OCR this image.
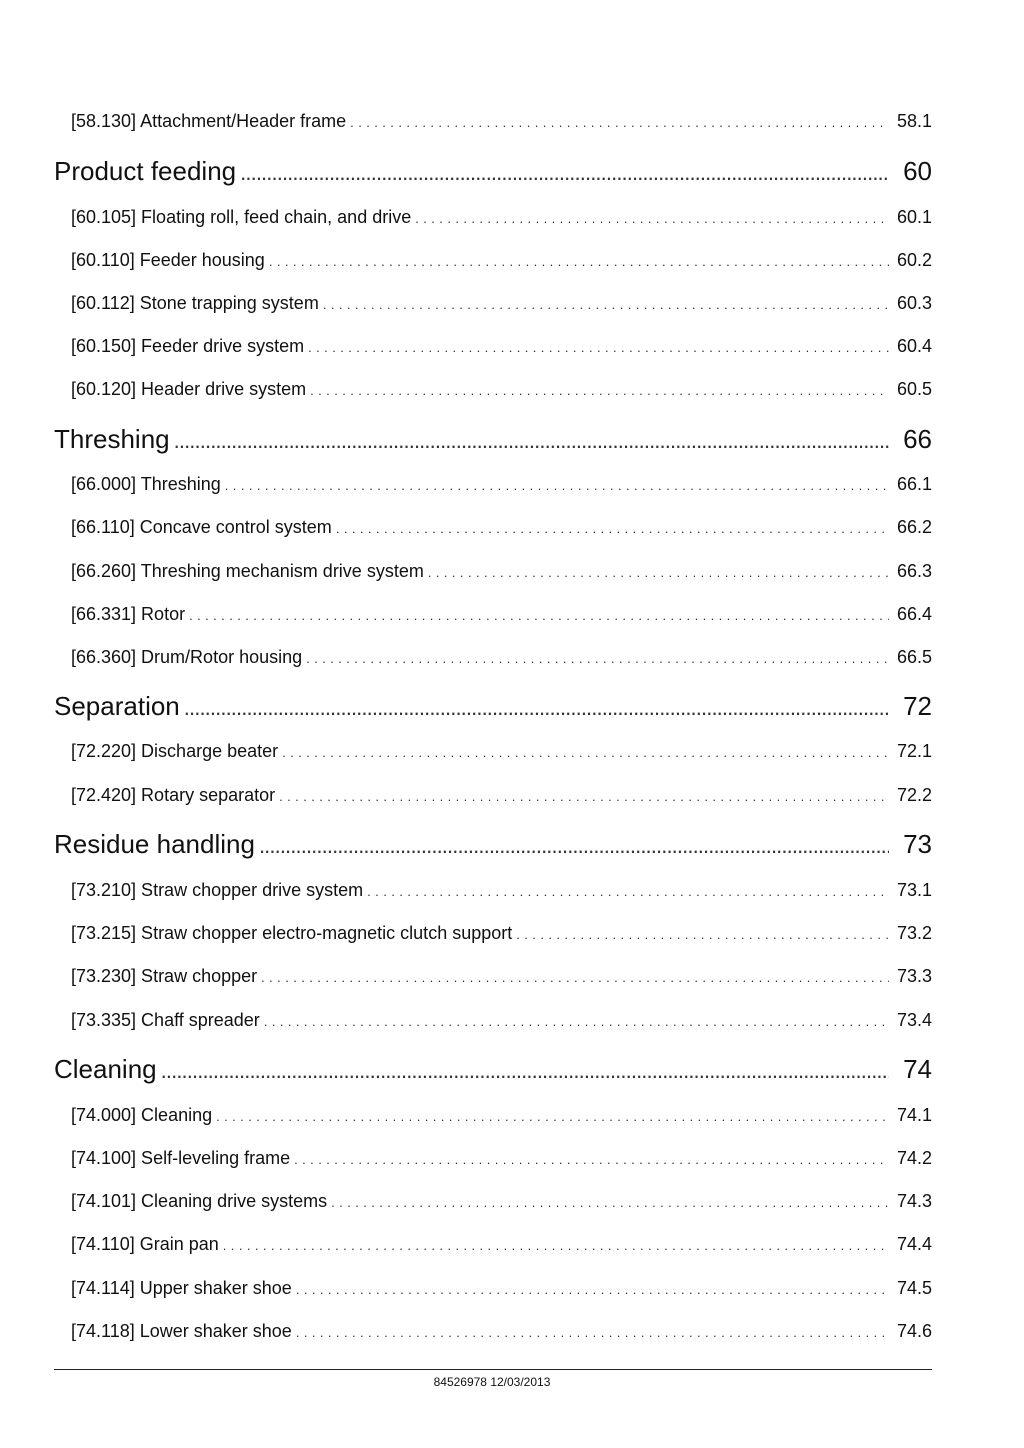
[58.130] Attachment/Header frame . . .	58.1
Product feeding . . .	60
[60.105] Floating roll, feed chain, and drive . . .	60.1
[60.110] Feeder housing . . .	60.2
[60.112] Stone trapping system . . .	60.3
[60.150] Feeder drive system . . .	60.4
[60.120] Header drive system . . .	60.5
Threshing . . .	66
[66.000] Threshing . . .	66.1
[66.110] Concave control system . . .	66.2
[66.260] Threshing mechanism drive system . . .	66.3
[66.331] Rotor . . .	66.4
[66.360] Drum/Rotor housing . . .	66.5
Separation . . .	72
[72.220] Discharge beater . . .	72.1
[72.420] Rotary separator . . .	72.2
Residue handling . . .	73
[73.210] Straw chopper drive system . . .	73.1
[73.215] Straw chopper electro-magnetic clutch support . . .	73.2
[73.230] Straw chopper . . .	73.3
[73.335] Chaff spreader . . .	73.4
Cleaning . . .	74
[74.000] Cleaning . . .	74.1
[74.100] Self-leveling frame . . .	74.2
[74.101] Cleaning drive systems . . .	74.3
[74.110] Grain pan . . .	74.4
[74.114] Upper shaker shoe . . .	74.5
[74.118] Lower shaker shoe . . .	74.6
84526978 12/03/2013
